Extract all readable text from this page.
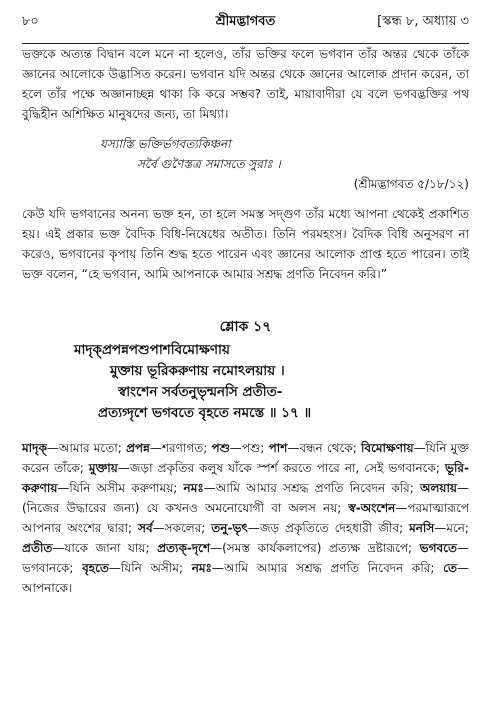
৮০	শ্রীমদ্ভাগবত	[স্কন্ধ ৮, অধ্যায় ৩

ভক্তকে অত্যন্ত বিদ্বান বলে মনে না হলেও, তাঁর ভক্তির ফলে ভগবান তাঁর অন্তর থেকে তাঁকে জ্ঞানের আলোকে উদ্ভাসিত করেন। ভগবান যদি অন্তর থেকে জ্ঞানের আলোক প্রদান করেন, তা হলে তাঁর পক্ষে অজ্ঞানাচ্ছন্ন থাকা কি করে সম্ভব? তাই, মায়াবাদীরা যে বলে ভগবদ্ভক্তির পথ বুদ্ধিহীন অশিক্ষিত মানুষদের জন্য, তা মিথ্যা।

যস্যাস্তি ভক্তির্ভগবত্যকিঞ্চনা
সর্বৈ গুণৈস্তত্র সমাসতে সুরাঃ ।
(শ্রীমদ্ভাগবত ৫/১৮/১২)

কেউ যদি ভগবানের অনন্য ভক্ত হন, তা হলে সমস্ত সদ্গুণ তাঁর মধ্যে আপনা থেকেই প্রকাশিত হয়। এই প্রকার ভক্ত বৈদিক বিধি-নিষেধের অতীত। তিনি পরমহংস। বৈদিক বিধি অনুসরণ না করেও, ভগবানের কৃপায় তিনি শুদ্ধ হতে পারেন এবং জ্ঞানের আলোক প্রাপ্ত হতে পারেন। তাই ভক্ত বলেন, “হে ভগবান, আমি আপনাকে আমার সশ্রদ্ধ প্রণতি নিবেদন করি।”

শ্লোক ১৭
মাদৃক্প্রপন্নপশুপাশবিমোক্ষণায়
মুক্তায় ভূরিকরুণায় নমোঽলয়ায় ।
স্বাংশেন সর্বতনুভৃন্মনসি প্রতীত-
প্রত্যগ্দৃশে ভগবতে বৃহতে নমস্তে ॥ ১৭ ॥
মাদৃক্—আমার মতো; প্রপন্ন—শরণাগত; পশু—পশু; পাশ—বন্ধন থেকে; বিমোক্ষণায়—যিনি মুক্ত করেন তাঁকে; মুক্তায়—জড়া প্রকৃতির কলুষ যাঁকে স্পর্শ করতে পারে না, সেই ভগবানকে; ভূরি-করুণায়—যিনি অসীম করুণাময়; নমঃ—আমি আমার সশ্রদ্ধ প্রণতি নিবেদন করি; অলয়ায়—(নিজের উদ্ধারের জন্য) যে কখনও অমনোযোগী বা অলস নয়; স্ব-অংশেন—পরমাত্মারূপে আপনার অংশের দ্বারা; সর্ব—সকলের; তনু-ভৃৎ—জড় প্রকৃতিতে দেহধারী জীব; মনসি—মনে; প্রতীত—যাকে জানা যায়; প্রত্যক্-দৃশে—(সমস্ত কার্যকলাপের) প্রত্যক্ষ দ্রষ্টারূপে; ভগবতে—ভগবানকে; বৃহতে—যিনি অসীম; নমঃ—আমি আমার সশ্রদ্ধ প্রণতি নিবেদন করি; তে—আপনাকে।
